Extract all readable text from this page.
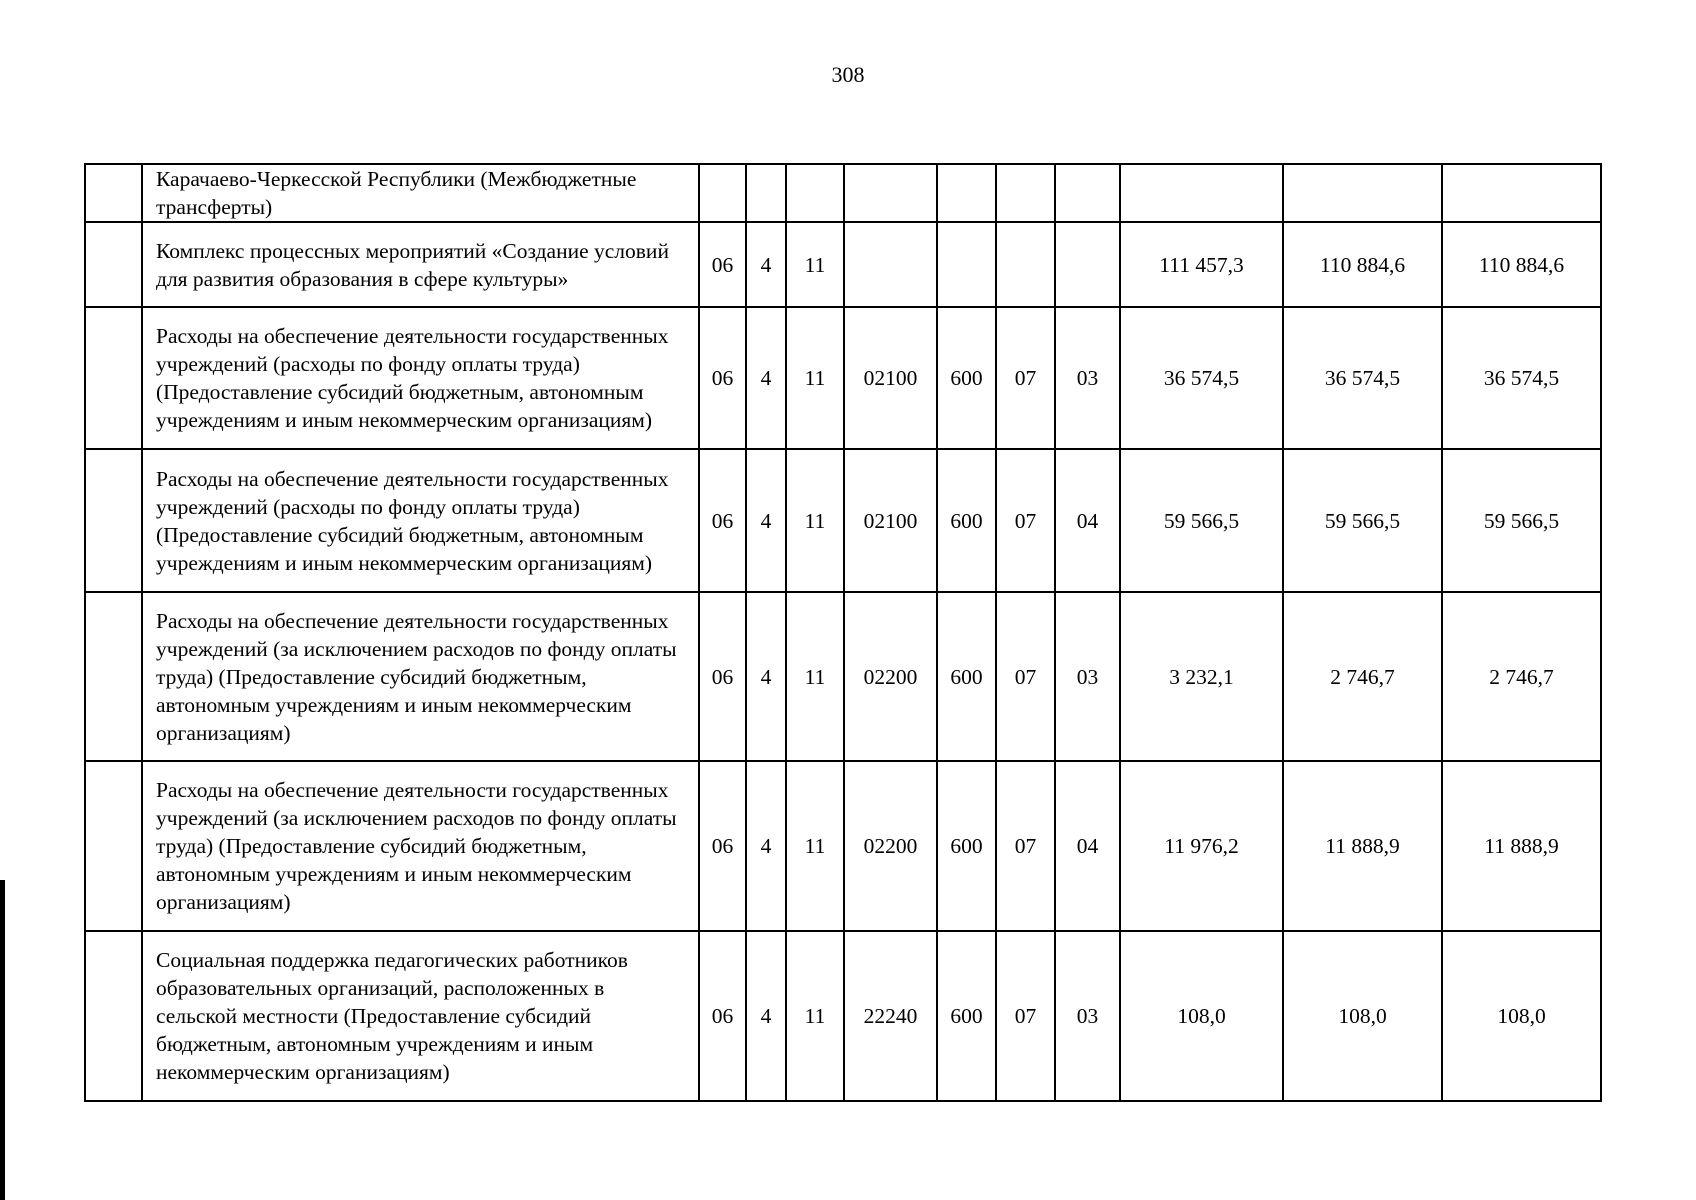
308
	Карачаево-Черкесской Республики (Межбюджетные трансферты)										
	Комплекс процессных мероприятий «Создание условий для развития образования в сфере культуры»	06	4	11					111 457,3	110 884,6	110 884,6
	Расходы на обеспечение деятельности государственных учреждений (расходы по фонду оплаты труда) (Предоставление субсидий бюджетным, автономным учреждениям и иным некоммерческим организациям)	06	4	11	02100	600	07	03	36 574,5	36 574,5	36 574,5
	Расходы на обеспечение деятельности государственных учреждений (расходы по фонду оплаты труда) (Предоставление субсидий бюджетным, автономным учреждениям и иным некоммерческим организациям)	06	4	11	02100	600	07	04	59 566,5	59 566,5	59 566,5
	Расходы на обеспечение деятельности государственных учреждений (за исключением расходов по фонду оплаты труда) (Предоставление субсидий бюджетным, автономным учреждениям и иным некоммерческим организациям)	06	4	11	02200	600	07	03	3 232,1	2 746,7	2 746,7
	Расходы на обеспечение деятельности государственных учреждений (за исключением расходов по фонду оплаты труда) (Предоставление субсидий бюджетным, автономным учреждениям и иным некоммерческим организациям)	06	4	11	02200	600	07	04	11 976,2	11 888,9	11 888,9
	Социальная поддержка педагогических работников образовательных организаций, расположенных в сельской местности (Предоставление субсидий бюджетным, автономным учреждениям и иным некоммерческим организациям)	06	4	11	22240	600	07	03	108,0	108,0	108,0
